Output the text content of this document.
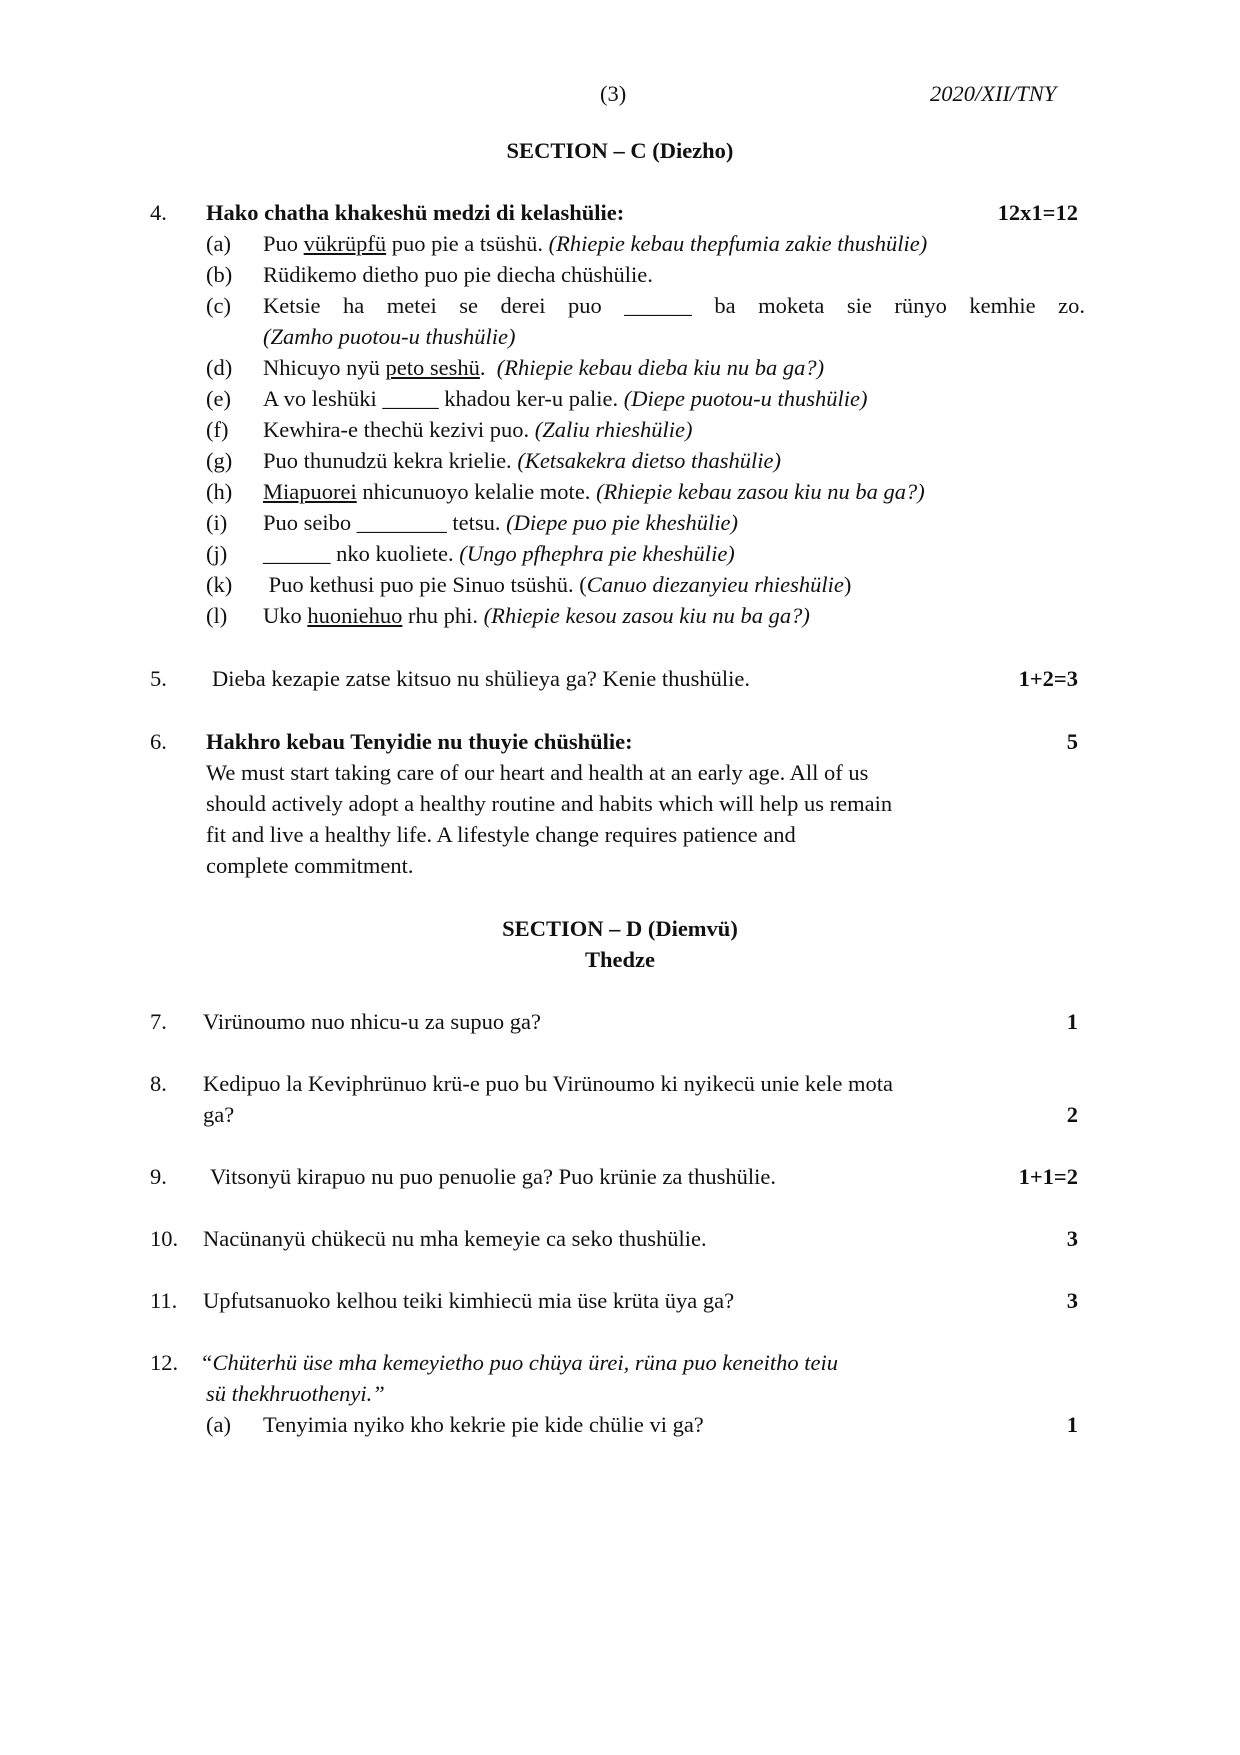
(3)	2020/XII/TNY
SECTION – C (Diezho)
4. Hako chatha khakeshü medzi di kelashülie:	12x1=12
(a) Puo vükrüpfü puo pie a tsüshü. (Rhiepie kebau thepfumia zakie thushülie)
(b) Rüdikemo dietho puo pie diecha chüshülie.
(c) Ketsie ha metei se derei puo ______ ba moketa sie rünyo kemhie zo.
(Zamho puotou-u thushülie)
(d) Nhicuyo nyü peto seshü.  (Rhiepie kebau dieba kiu nu ba ga?)
(e) A vo leshüki _____ khadou ker-u palie. (Diepe puotou-u thushülie)
(f) Kewhira-e thechü kezivi puo. (Zaliu rhieshülie)
(g) Puo thunudzü kekra krielie. (Ketsakekra dietso thashülie)
(h) Miapuorei nhicunuoyo kelalie mote. (Rhiepie kebau zasou kiu nu ba ga?)
(i) Puo seibo ________ tetsu. (Diepe puo pie kheshülie)
(j) ______ nko kuoliete. (Ungo pfhephra pie kheshülie)
(k) Puo kethusi puo pie Sinuo tsüshü. (Canuo diezanyieu rhieshülie)
(l) Uko huoniehuo rhu phi. (Rhiepie kesou zasou kiu nu ba ga?)
5. Dieba kezapie zatse kitsuo nu shülieya ga? Kenie thushülie.	1+2=3
6. Hakhro kebau Tenyidie nu thuyie chüshülie:	5
We must start taking care of our heart and health at an early age. All of us
should actively adopt a healthy routine and habits which will help us remain
fit and live a healthy life. A lifestyle change requires patience and
complete commitment.
SECTION – D (Diemvü)
Thedze
7. Virünoumo nuo nhicu-u za supuo ga?	1
8. Kedipuo la Keviphrünuo krü-e puo bu Virünoumo ki nyikecü unie kele mota
ga?	2
9. Vitsonyü kirapuo nu puo penuolie ga? Puo krünie za thushülie.	1+1=2
10. Nacünanyü chükecü nu mha kemeyie ca seko thushülie.	3
11. Upfutsanuoko kelhou teiki kimhiecü mia üse krüta üya ga?	3
12. “Chüterhü üse mha kemeyietho puo chüya ürei, rüna puo keneitho teiu
sü thekhruothenyi.”
(a) Tenyimia nyiko kho kekrie pie kide chülie vi ga?	1
